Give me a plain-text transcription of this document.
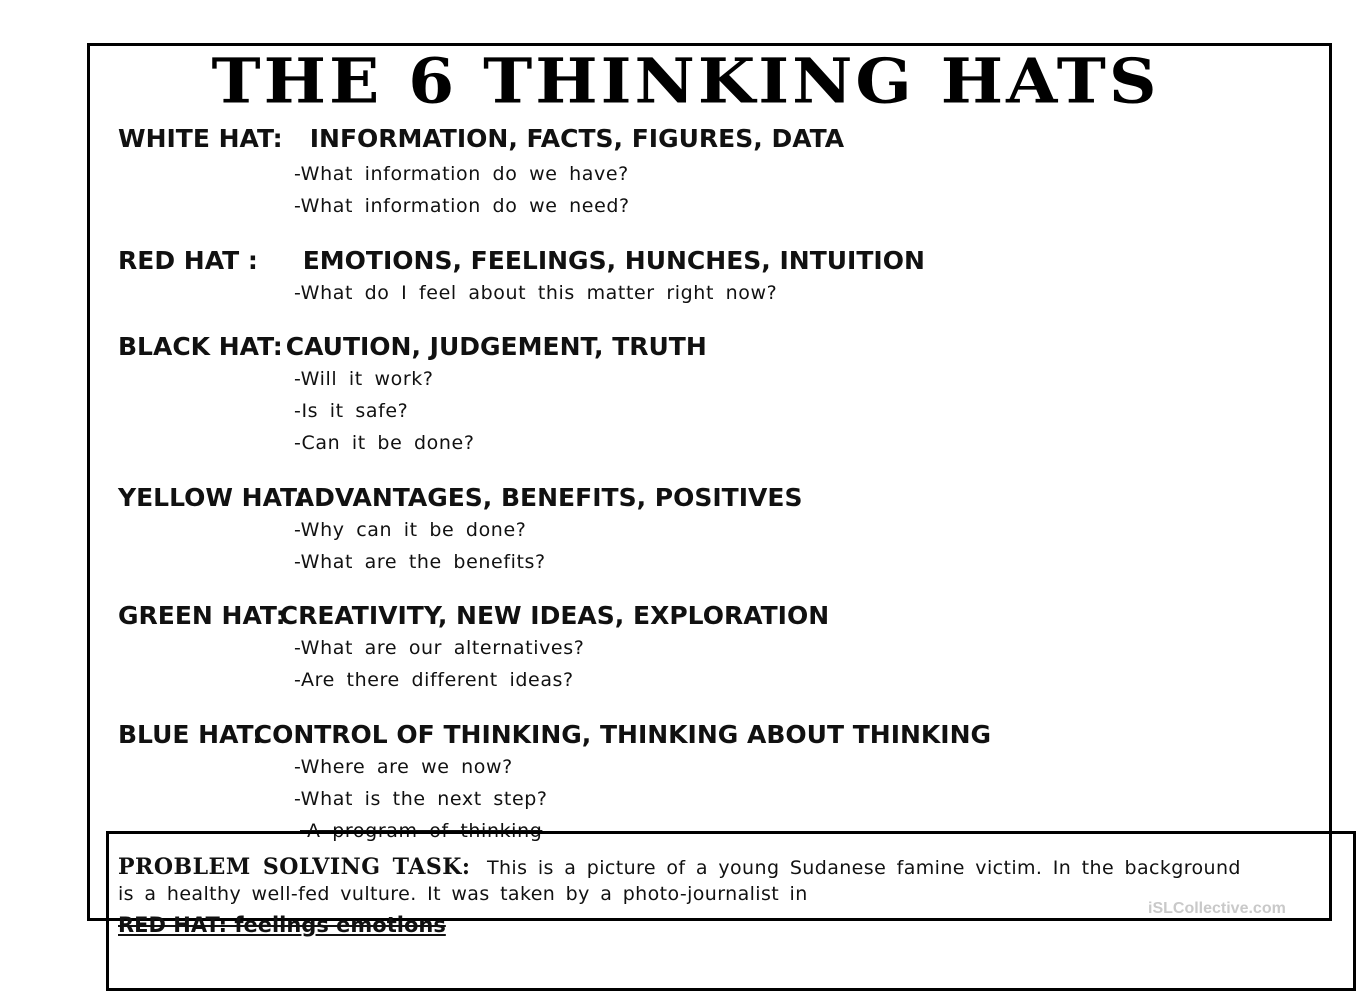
THE 6 THINKING HATS
WHITE HAT: INFORMATION, FACTS, FIGURES, DATA
-What information do we have?
-What information do we need?
RED HAT : EMOTIONS, FEELINGS, HUNCHES, INTUITION
-What do I feel about this matter right now?
BLACK HAT: CAUTION, JUDGEMENT, TRUTH
-Will it work?
-Is it safe?
-Can it be done?
YELLOW HAT: ADVANTAGES, BENEFITS, POSITIVES
-Why can it be done?
-What are the benefits?
GREEN HAT: CREATIVITY, NEW IDEAS, EXPLORATION
-What are our alternatives?
-Are there different ideas?
BLUE HAT: CONTROL OF THINKING, THINKING ABOUT THINKING
-Where are we now?
-What is the next step?
-A program of thinking
PROBLEM SOLVING TASK: This is a picture of a young Sudanese famine victim. In the background
is a healthy well-fed vulture. It was taken by a photo-journalist in
RED HAT: feelings emotions
iSLCollective.com
